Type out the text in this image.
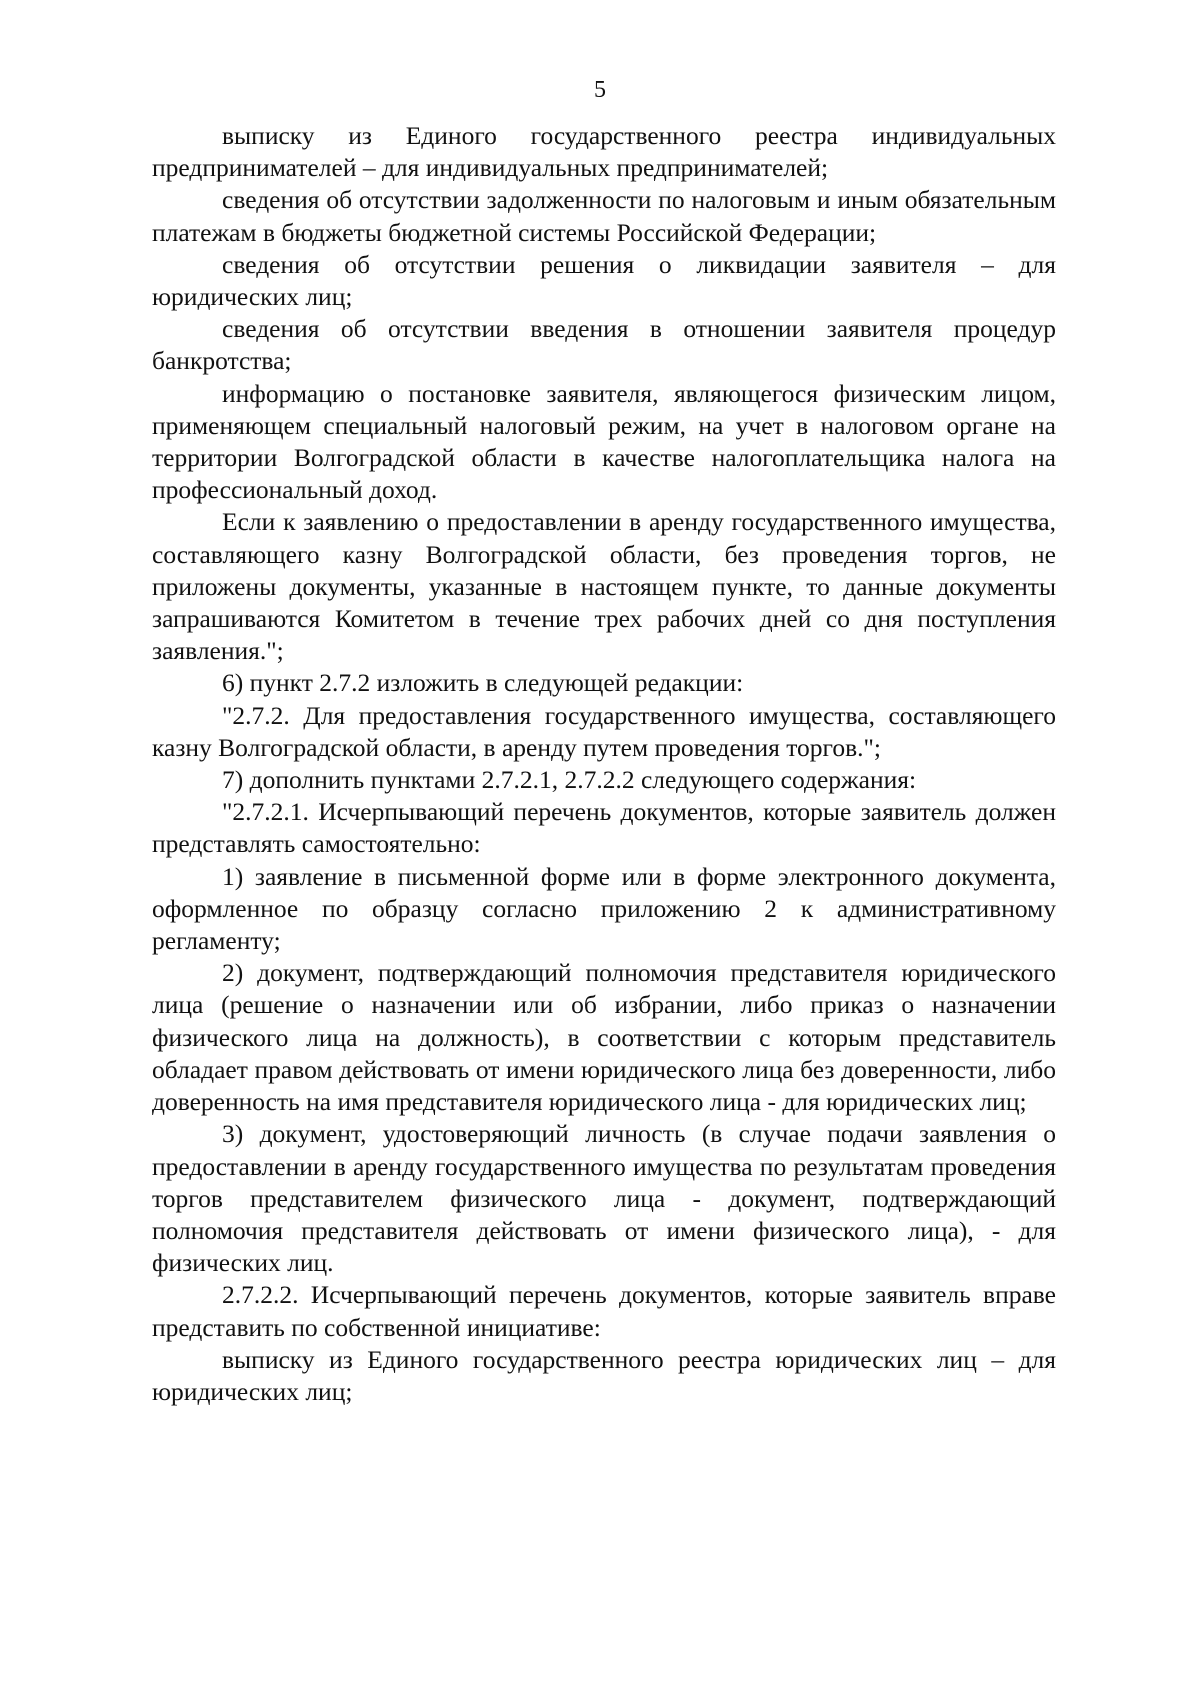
5

выписку из Единого государственного реестра индивидуальных предпринимателей – для индивидуальных предпринимателей;

сведения об отсутствии задолженности по налоговым и иным обязательным платежам в бюджеты бюджетной системы Российской Федерации;

сведения об отсутствии решения о ликвидации заявителя – для юридических лиц;

сведения об отсутствии введения в отношении заявителя процедур банкротства;

информацию о постановке заявителя, являющегося физическим лицом, применяющем специальный налоговый режим, на учет в налоговом органе на территории Волгоградской области в качестве налогоплательщика налога на профессиональный доход.

Если к заявлению о предоставлении в аренду государственного имущества, составляющего казну Волгоградской области, без проведения торгов, не приложены документы, указанные в настоящем пункте, то данные документы запрашиваются Комитетом в течение трех рабочих дней со дня поступления заявления.";

6) пункт 2.7.2 изложить в следующей редакции:

"2.7.2. Для предоставления государственного имущества, составляющего казну Волгоградской области, в аренду путем проведения торгов.";

7) дополнить пунктами 2.7.2.1, 2.7.2.2 следующего содержания:

"2.7.2.1. Исчерпывающий перечень документов, которые заявитель должен представлять самостоятельно:

1) заявление в письменной форме или в форме электронного документа, оформленное по образцу согласно приложению 2 к административному регламенту;

2) документ, подтверждающий полномочия представителя юридического лица (решение о назначении или об избрании, либо приказ о назначении физического лица на должность), в соответствии с которым представитель обладает правом действовать от имени юридического лица без доверенности, либо доверенность на имя представителя юридического лица - для юридических лиц;

3) документ, удостоверяющий личность (в случае подачи заявления о предоставлении в аренду государственного имущества по результатам проведения торгов представителем физического лица - документ, подтверждающий полномочия представителя действовать от имени физического лица), - для физических лиц.

2.7.2.2. Исчерпывающий перечень документов, которые заявитель вправе представить по собственной инициативе:

выписку из Единого государственного реестра юридических лиц – для юридических лиц;
